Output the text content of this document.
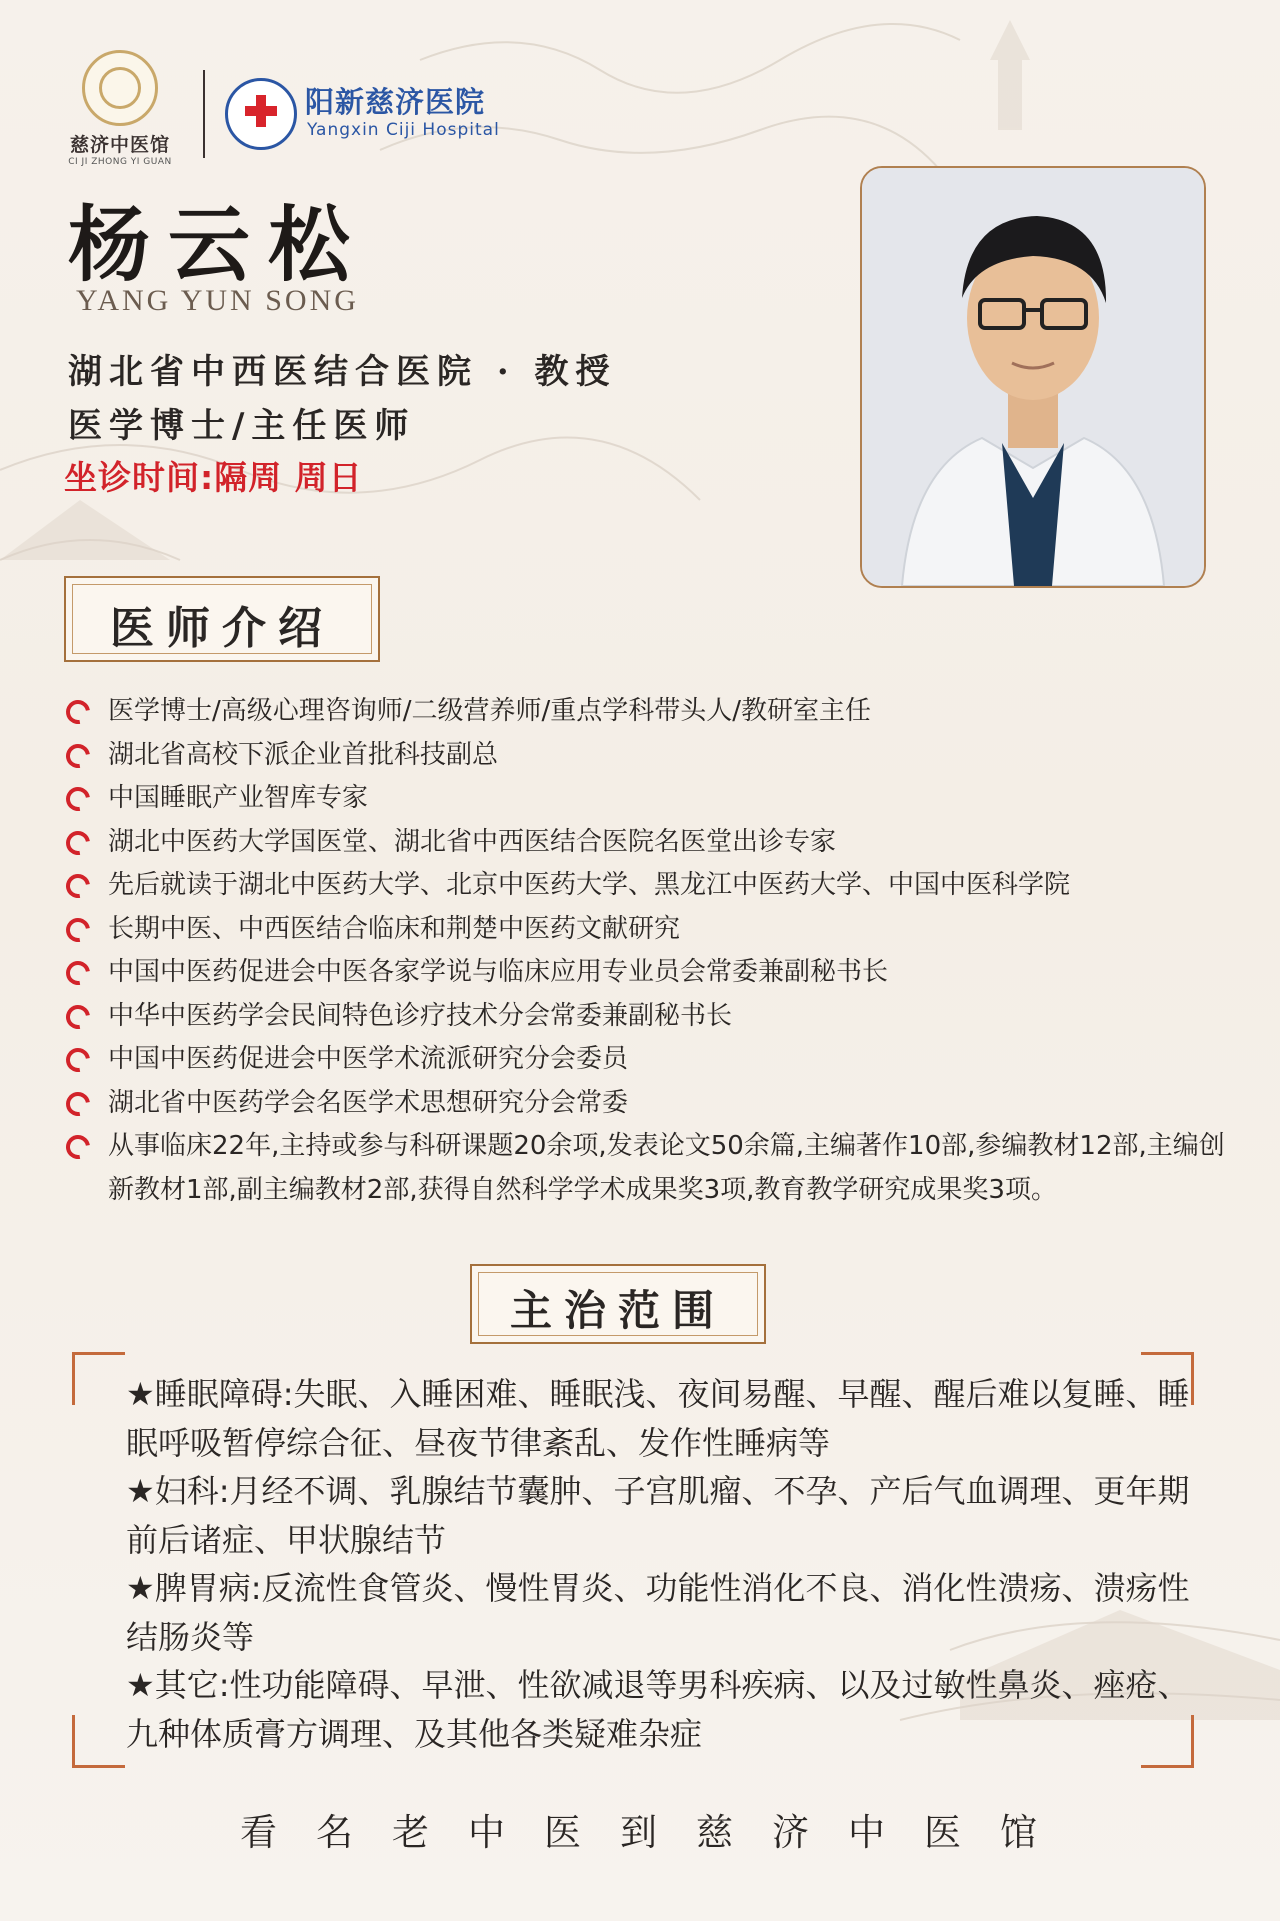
慈济中医馆
CI JI ZHONG YI GUAN
阳新慈济医院
Yangxin Ciji Hospital
杨云松
YANG YUN SONG
湖北省中西医结合医院 · 教授
医学博士/主任医师
坐诊时间:隔周 周日
医师介绍
医学博士/高级心理咨询师/二级营养师/重点学科带头人/教研室主任
湖北省高校下派企业首批科技副总
中国睡眠产业智库专家
湖北中医药大学国医堂、湖北省中西医结合医院名医堂出诊专家
先后就读于湖北中医药大学、北京中医药大学、黑龙江中医药大学、中国中医科学院
长期中医、中西医结合临床和荆楚中医药文献研究
中国中医药促进会中医各家学说与临床应用专业员会常委兼副秘书长
中华中医药学会民间特色诊疗技术分会常委兼副秘书长
中国中医药促进会中医学术流派研究分会委员
湖北省中医药学会名医学术思想研究分会常委
从事临床22年,主持或参与科研课题20余项,发表论文50余篇,主编著作10部,参编教材12部,主编创新教材1部,副主编教材2部,获得自然科学学术成果奖3项,教育教学研究成果奖3项。
主治范围

★睡眠障碍:失眠、入睡困难、睡眠浅、夜间易醒、早醒、醒后难以复睡、睡眠呼吸暂停综合征、昼夜节律紊乱、发作性睡病等

★妇科:月经不调、乳腺结节囊肿、子宫肌瘤、不孕、产后气血调理、更年期前后诸症、甲状腺结节

★脾胃病:反流性食管炎、慢性胃炎、功能性消化不良、消化性溃疡、溃疡性结肠炎等

★其它:性功能障碍、早泄、性欲减退等男科疾病、以及过敏性鼻炎、痤疮、九种体质膏方调理、及其他各类疑难杂症

看名老中医到慈济中医馆
